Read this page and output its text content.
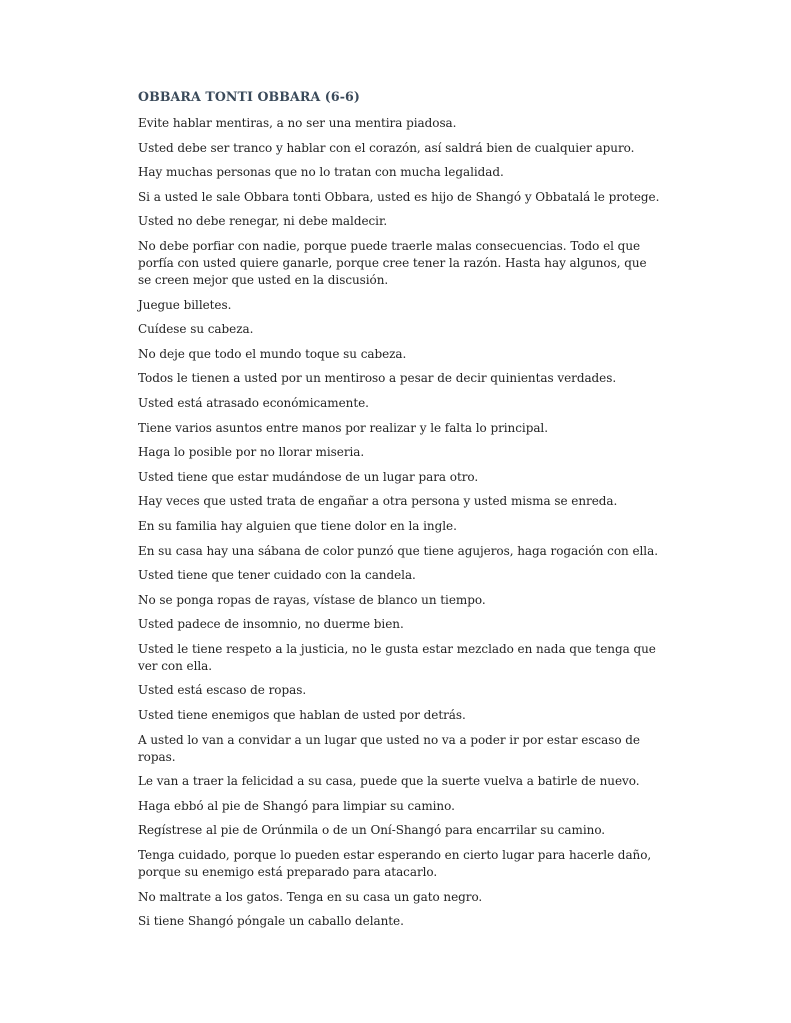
OBBARA TONTI OBBARA (6-6)

Evite hablar mentiras, a no ser una mentira piadosa.

Usted debe ser tranco y hablar con el corazón, así saldrá bien de cualquier apuro.

Hay muchas personas que no lo tratan con mucha legalidad.

Si a usted le sale Obbara tonti Obbara, usted es hijo de Shangó y Obbatalá le protege.

Usted no debe renegar, ni debe maldecir.

No debe porfiar con nadie, porque puede traerle malas consecuencias. Todo el que porfía con usted quiere ganarle, porque cree tener la razón. Hasta hay algunos, que se creen mejor que usted en la discusión.

Juegue billetes.

Cuídese su cabeza.

No deje que todo el mundo toque su cabeza.

Todos le tienen a usted por un mentiroso a pesar de decir quinientas verdades.

Usted está atrasado económicamente.

Tiene varios asuntos entre manos por realizar y le falta lo principal.

Haga lo posible por no llorar miseria.

Usted tiene que estar mudándose de un lugar para otro.

Hay veces que usted trata de engañar a otra persona y usted misma se enreda.

En su familia hay alguien que tiene dolor en la ingle.

En su casa hay una sábana de color punzó que tiene agujeros, haga rogación con ella.

Usted tiene que tener cuidado con la candela.

No se ponga ropas de rayas, vístase de blanco un tiempo.

Usted padece de insomnio, no duerme bien.

Usted le tiene respeto a la justicia, no le gusta estar mezclado en nada que tenga que ver con ella.

Usted está escaso de ropas.

Usted tiene enemigos que hablan de usted por detrás.

A usted lo van a convidar a un lugar que usted no va a poder ir por estar escaso de ropas.

Le van a traer la felicidad a su casa, puede que la suerte vuelva a batirle de nuevo.

Haga ebbó al pie de Shangó para limpiar su camino.

Regístrese al pie de Orúnmila o de un Oní-Shangó para encarrilar su camino.

Tenga cuidado, porque lo pueden estar esperando en cierto lugar para hacerle daño, porque su enemigo está preparado para atacarlo.

No maltrate a los gatos. Tenga en su casa un gato negro.

Si tiene Shangó póngale un caballo delante.
